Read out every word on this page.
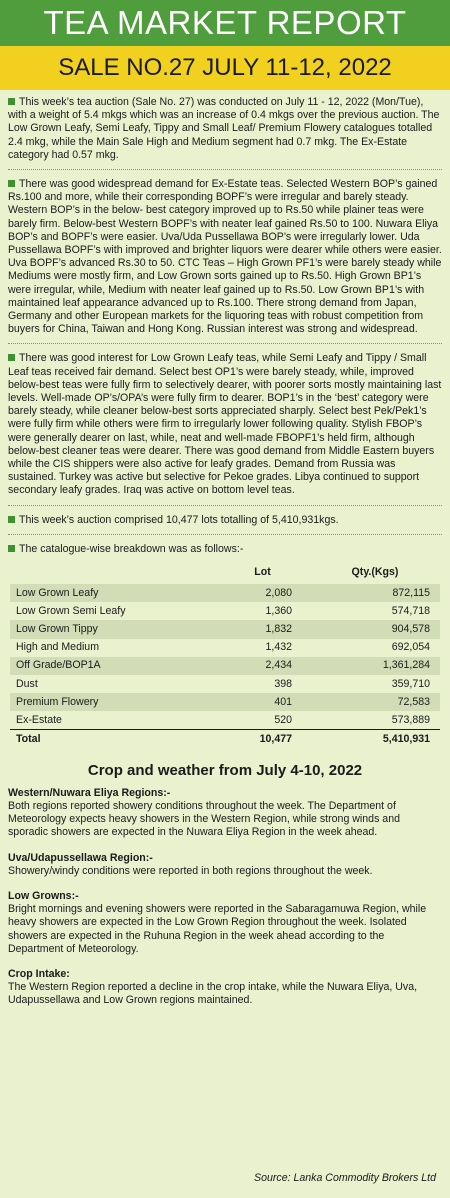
TEA MARKET REPORT
SALE NO.27 JULY 11-12, 2022
This week’s tea auction (Sale No. 27) was conducted on July 11 - 12, 2022 (Mon/Tue), with a weight of 5.4 mkgs which was an increase of 0.4 mkgs over the previous auction. The Low Grown Leafy, Semi Leafy, Tippy and Small Leaf/ Premium Flowery catalogues totalled 2.4 mkg, while the Main Sale High and Medium segment had 0.7 mkg. The Ex-Estate category had 0.57 mkg.
There was good widespread demand for Ex-Estate teas. Selected Western BOP’s gained Rs.100 and more, while their corresponding BOPF’s were irregular and barely steady. Western BOP’s in the below- best category improved up to Rs.50 while plainer teas were barely firm. Below-best Western BOPF’s with neater leaf gained Rs.50 to 100. Nuwara Eliya BOP’s and BOPF’s were easier. Uva/Uda Pussellawa BOP’s were irregularly lower. Uda Pussellawa BOPF’s with improved and brighter liquors were dearer while others were easier. Uva BOPF’s advanced Rs.30 to 50. CTC Teas – High Grown PF1’s were barely steady while Mediums were mostly firm, and Low Grown sorts gained up to Rs.50. High Grown BP1’s were irregular, while, Medium with neater leaf gained up to Rs.50. Low Grown BP1’s with maintained leaf appearance advanced up to Rs.100. There strong demand from Japan, Germany and other European markets for the liquoring teas with robust competition from buyers for China, Taiwan and Hong Kong. Russian interest was strong and widespread.
There was good interest for Low Grown Leafy teas, while Semi Leafy and Tippy / Small Leaf teas received fair demand. Select best OP1’s were barely steady, while, improved below-best teas were fully firm to selectively dearer, with poorer sorts mostly maintaining last levels. Well-made OP’s/OPA’s were fully firm to dearer. BOP1’s in the ‘best’ category were barely steady, while cleaner below-best sorts appreciated sharply. Select best Pek/Pek1’s were fully firm while others were firm to irregularly lower following quality. Stylish FBOP’s were generally dearer on last, while, neat and well-made FBOPF1’s held firm, although below-best cleaner teas were dearer. There was good demand from Middle Eastern buyers while the CIS shippers were also active for leafy grades. Demand from Russia was sustained. Turkey was active but selective for Pekoe grades. Libya continued to support secondary leafy grades. Iraq was active on bottom level teas.
This week’s auction comprised 10,477 lots totalling of 5,410,931kgs.
The catalogue-wise breakdown was as follows:-
	Lot	Qty.(Kgs)
Low Grown Leafy	2,080	872,115
Low Grown Semi Leafy	1,360	574,718
Low Grown Tippy	1,832	904,578
High and Medium	1,432	692,054
Off Grade/BOP1A	2,434	1,361,284
Dust	398	359,710
Premium Flowery	401	72,583
Ex-Estate	520	573,889
Total	10,477	5,410,931
Crop and weather from July 4-10, 2022
Western/Nuwara Eliya Regions:-
Both regions reported showery conditions throughout the week. The Department of Meteorology expects heavy showers in the Western Region, while strong winds and sporadic showers are expected in the Nuwara Eliya Region in the week ahead.
Uva/Udapussellawa Region:-
Showery/windy conditions were reported in both regions throughout the week.
Low Growns:-
Bright mornings and evening showers were reported in the Sabaragamuwa Region, while heavy showers are expected in the Low Grown Region throughout the week. Isolated showers are expected in the Ruhuna Region in the week ahead according to the Department of Meteorology.
Crop Intake:
The Western Region reported a decline in the crop intake, while the Nuwara Eliya, Uva, Udapussellawa and Low Grown regions maintained.
Source: Lanka Commodity Brokers Ltd
